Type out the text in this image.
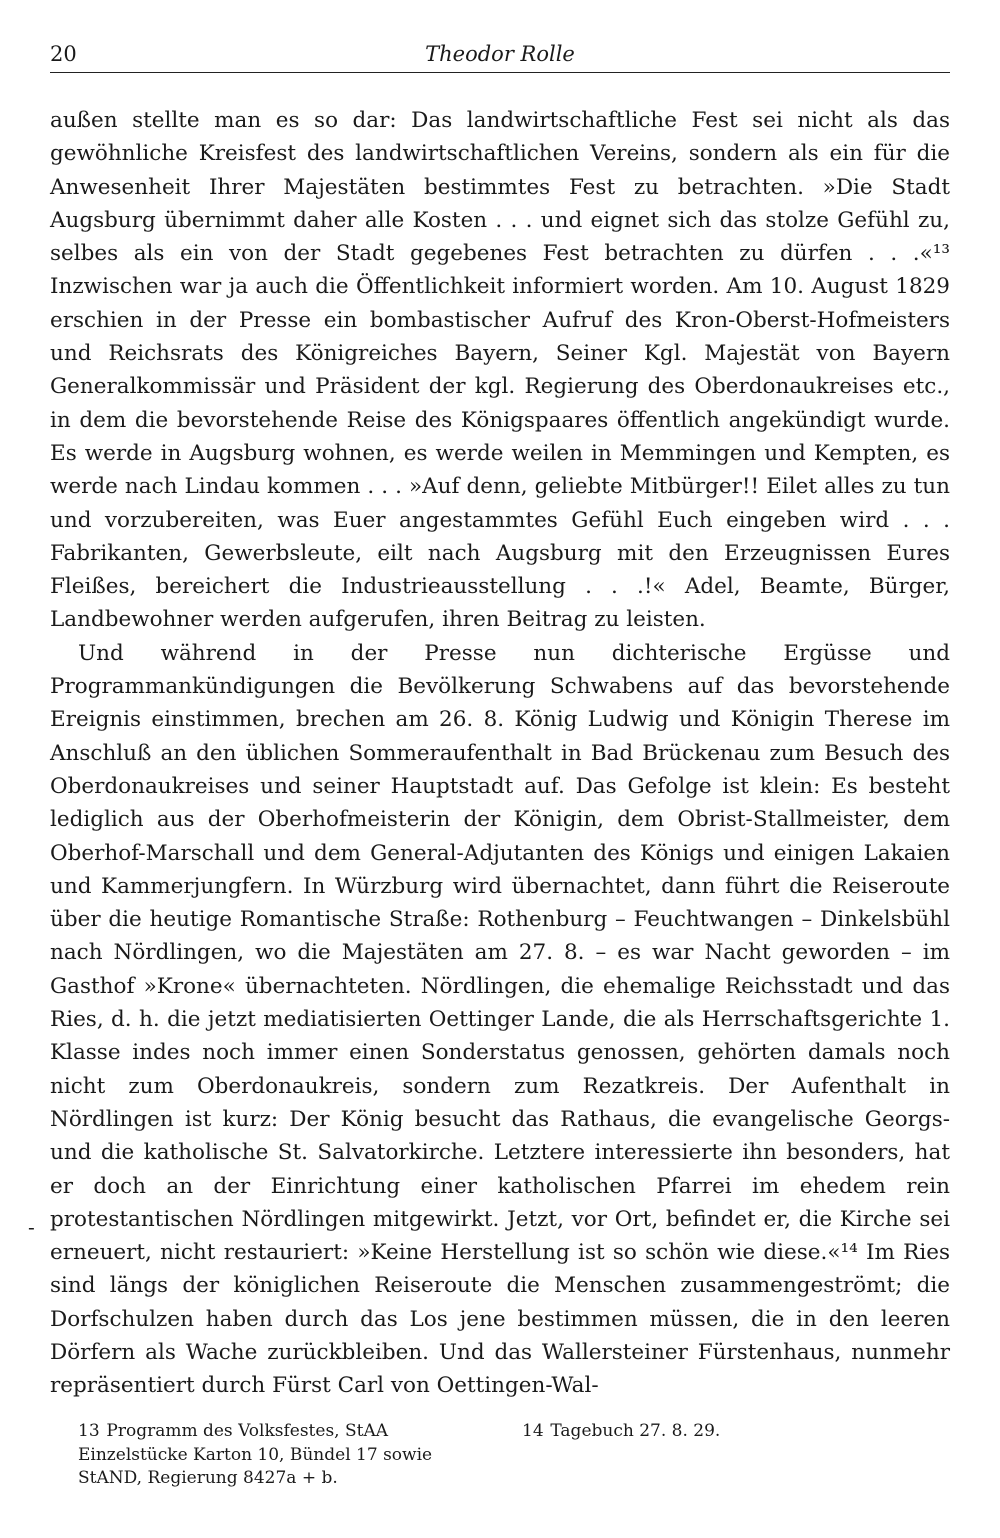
20	Theodor Rolle

außen stellte man es so dar: Das landwirtschaftliche Fest sei nicht als das gewöhnliche Kreisfest des landwirtschaftlichen Vereins, sondern als ein für die Anwesenheit Ihrer Majestäten bestimmtes Fest zu betrachten. »Die Stadt Augsburg übernimmt daher alle Kosten . . . und eignet sich das stolze Gefühl zu, selbes als ein von der Stadt gegebenes Fest betrachten zu dürfen . . .«¹³ Inzwischen war ja auch die Öffentlichkeit informiert worden. Am 10. August 1829 erschien in der Presse ein bombastischer Aufruf des Kron-Oberst-Hofmeisters und Reichsrats des Königreiches Bayern, Seiner Kgl. Majestät von Bayern Generalkommissär und Präsident der kgl. Regierung des Oberdonaukreises etc., in dem die bevorstehende Reise des Königspaares öffentlich angekündigt wurde. Es werde in Augsburg wohnen, es werde weilen in Memmingen und Kempten, es werde nach Lindau kommen . . . »Auf denn, geliebte Mitbürger!! Eilet alles zu tun und vorzubereiten, was Euer angestammtes Gefühl Euch eingeben wird . . . Fabrikanten, Gewerbsleute, eilt nach Augsburg mit den Erzeugnissen Eures Fleißes, bereichert die Industrieausstellung . . .!« Adel, Beamte, Bürger, Landbewohner werden aufgerufen, ihren Beitrag zu leisten.

Und während in der Presse nun dichterische Ergüsse und Programmankündigungen die Bevölkerung Schwabens auf das bevorstehende Ereignis einstimmen, brechen am 26. 8. König Ludwig und Königin Therese im Anschluß an den üblichen Sommeraufenthalt in Bad Brückenau zum Besuch des Oberdonaukreises und seiner Hauptstadt auf. Das Gefolge ist klein: Es besteht lediglich aus der Oberhofmeisterin der Königin, dem Obrist-Stallmeister, dem Oberhof-Marschall und dem General-Adjutanten des Königs und einigen Lakaien und Kammerjungfern. In Würzburg wird übernachtet, dann führt die Reiseroute über die heutige Romantische Straße: Rothenburg – Feuchtwangen – Dinkelsbühl nach Nördlingen, wo die Majestäten am 27. 8. – es war Nacht geworden – im Gasthof »Krone« übernachteten. Nördlingen, die ehemalige Reichsstadt und das Ries, d. h. die jetzt mediatisierten Oettinger Lande, die als Herrschaftsgerichte 1. Klasse indes noch immer einen Sonderstatus genossen, gehörten damals noch nicht zum Oberdonaukreis, sondern zum Rezatkreis. Der Aufenthalt in Nördlingen ist kurz: Der König besucht das Rathaus, die evangelische Georgs- und die katholische St. Salvatorkirche. Letztere interessierte ihn besonders, hat er doch an der Einrichtung einer katholischen Pfarrei im ehedem rein protestantischen Nördlingen mitgewirkt. Jetzt, vor Ort, befindet er, die Kirche sei erneuert, nicht restauriert: »Keine Herstellung ist so schön wie diese.«¹⁴ Im Ries sind längs der königlichen Reiseroute die Menschen zusammengeströmt; die Dorfschulzen haben durch das Los jene bestimmen müssen, die in den leeren Dörfern als Wache zurückbleiben. Und das Wallersteiner Fürstenhaus, nunmehr repräsentiert durch Fürst Carl von Oettingen-Wal-

-
13 Programm des Volksfestes, StAA Einzelstücke Karton 10, Bündel 17 sowie StAND, Regierung 8427a + b.
14 Tagebuch 27. 8. 29.
